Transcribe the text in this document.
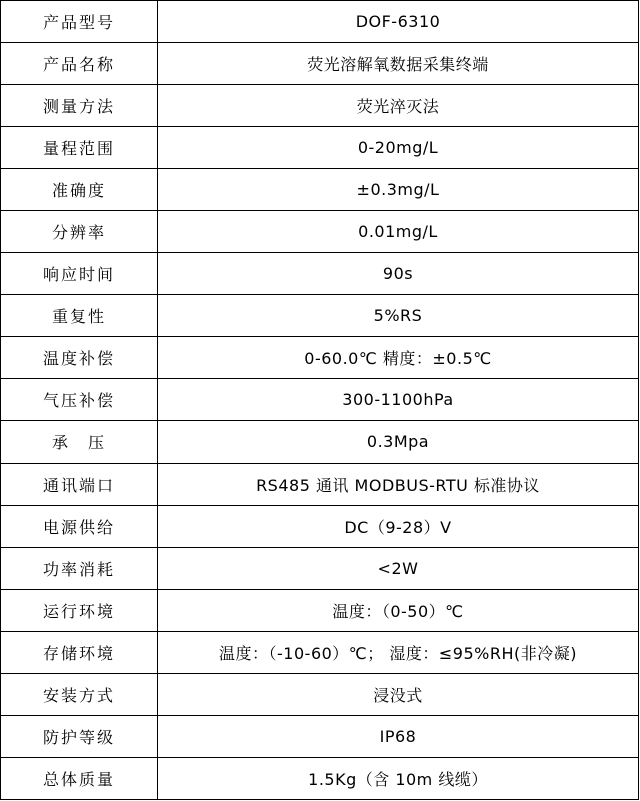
产品型号	DOF-6310
产品名称	荧光溶解氧数据采集终端
测量方法	荧光淬灭法
量程范围	0-20mg/L
准确度	±0.3mg/L
分辨率	0.01mg/L
响应时间	90s
重复性	5%RS
温度补偿	0-60.0℃ 精度：±0.5℃
气压补偿	300-1100hPa
承　压	0.3Mpa
通讯端口	RS485 通讯 MODBUS-RTU 标准协议
电源供给	DC（9-28）V
功率消耗	<2W
运行环境	温度：（0-50）℃
存储环境	温度：（-10-60）℃； 湿度：≤95%RH(非冷凝)
安装方式	浸没式
防护等级	IP68
总体质量	1.5Kg（含 10m 线缆）
